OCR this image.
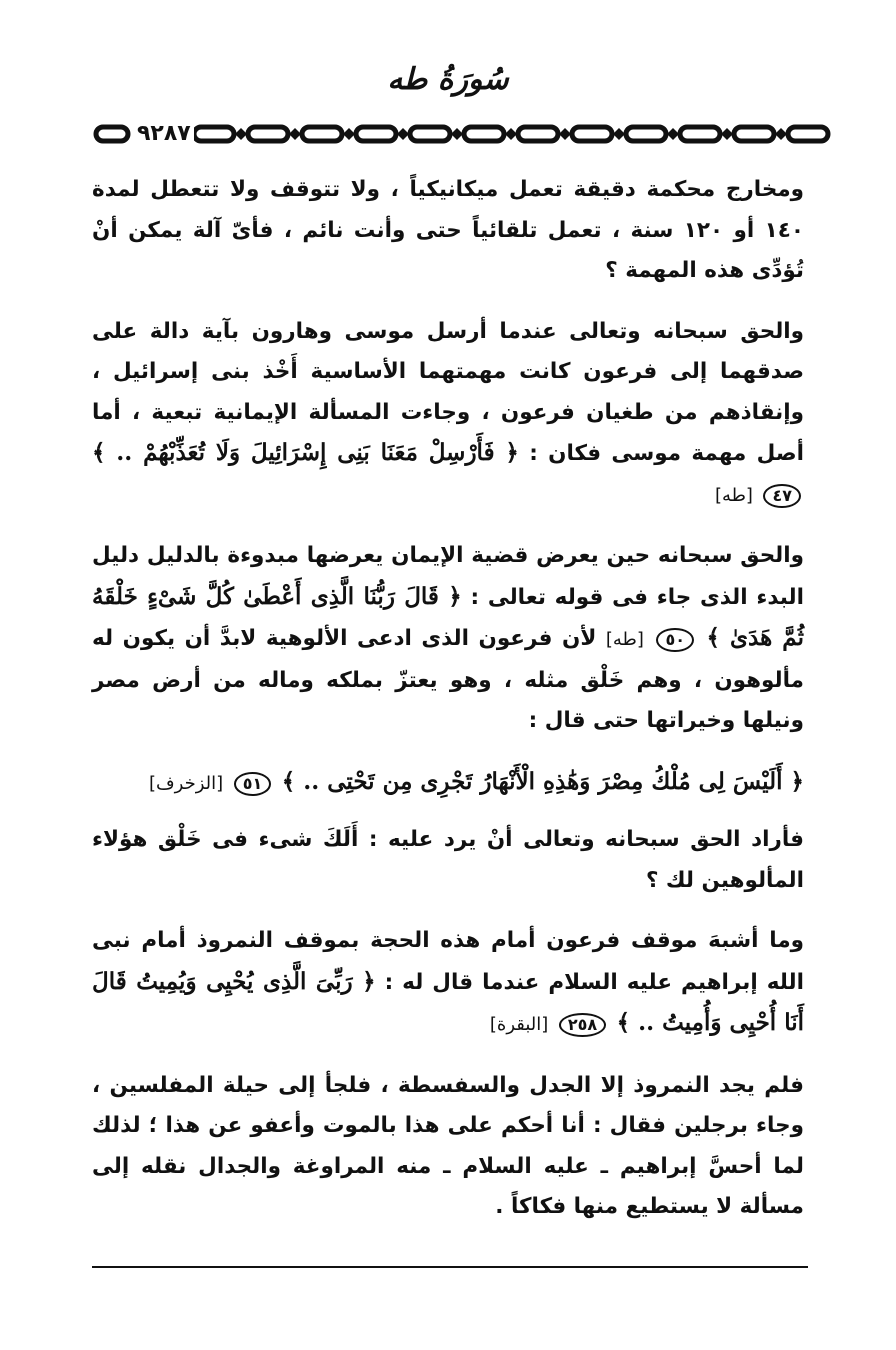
سُورَةُ طه
٩٢٨٧

ومخارج محكمة دقيقة تعمل ميكانيكياً ، ولا تتوقف ولا تتعطل لمدة ١٤٠ أو ١٢٠ سنة ، تعمل تلقائياً حتى وأنت نائم ، فأىّ آلة يمكن أنْ تُؤدِّى هذه المهمة ؟

والحق سبحانه وتعالى عندما أرسل موسى وهارون بآية دالة على صدقهما إلى فرعون كانت مهمتهما الأساسية أَخْذ بنى إسرائيل ، وإنقاذهم من طغيان فرعون ، وجاءت المسألة الإيمانية تبعية ، أما أصل مهمة موسى فكان : ﴿ فَأَرْسِلْ مَعَنَا بَنِى إِسْرَائِيلَ وَلَا تُعَذِّبْهُمْ .. ﴾ ٤٧ [طه]

والحق سبحانه حين يعرض قضية الإيمان يعرضها مبدوءة بالدليل دليل البدء الذى جاء فى قوله تعالى : ﴿ قَالَ رَبُّنَا الَّذِى أَعْطَىٰ كُلَّ شَىْءٍ خَلْقَهُ ثُمَّ هَدَىٰ ﴾ ٥٠ [طه] لأن فرعون الذى ادعى الألوهية لابدَّ أن يكون له مألوهون ، وهم خَلْق مثله ، وهو يعتزّ بملكه وماله من أرض مصر ونيلها وخيراتها حتى قال :

﴿ أَلَيْسَ لِى مُلْكُ مِصْرَ وَهَٰذِهِ الْأَنْهَارُ تَجْرِى مِن تَحْتِى .. ﴾ ٥١ [الزخرف]

فأراد الحق سبحانه وتعالى أنْ يرد عليه : أَلَكَ شىء فى خَلْق هؤلاء المألوهين لك ؟

وما أشبهَ موقف فرعون أمام هذه الحجة بموقف النمروذ أمام نبى الله إبراهيم عليه السلام عندما قال له : ﴿ رَبِّىَ الَّذِى يُحْيِى وَيُمِيتُ قَالَ أَنَا أُحْيِى وَأُمِيتُ .. ﴾ ٢٥٨ [البقرة]

فلم يجد النمروذ إلا الجدل والسفسطة ، فلجأ إلى حيلة المفلسين ، وجاء برجلين فقال : أنا أحكم على هذا بالموت وأعفو عن هذا ؛ لذلك لما أحسَّ إبراهيم ـ عليه السلام ـ منه المراوغة والجدال نقله إلى مسألة لا يستطيع منها فكاكاً .
